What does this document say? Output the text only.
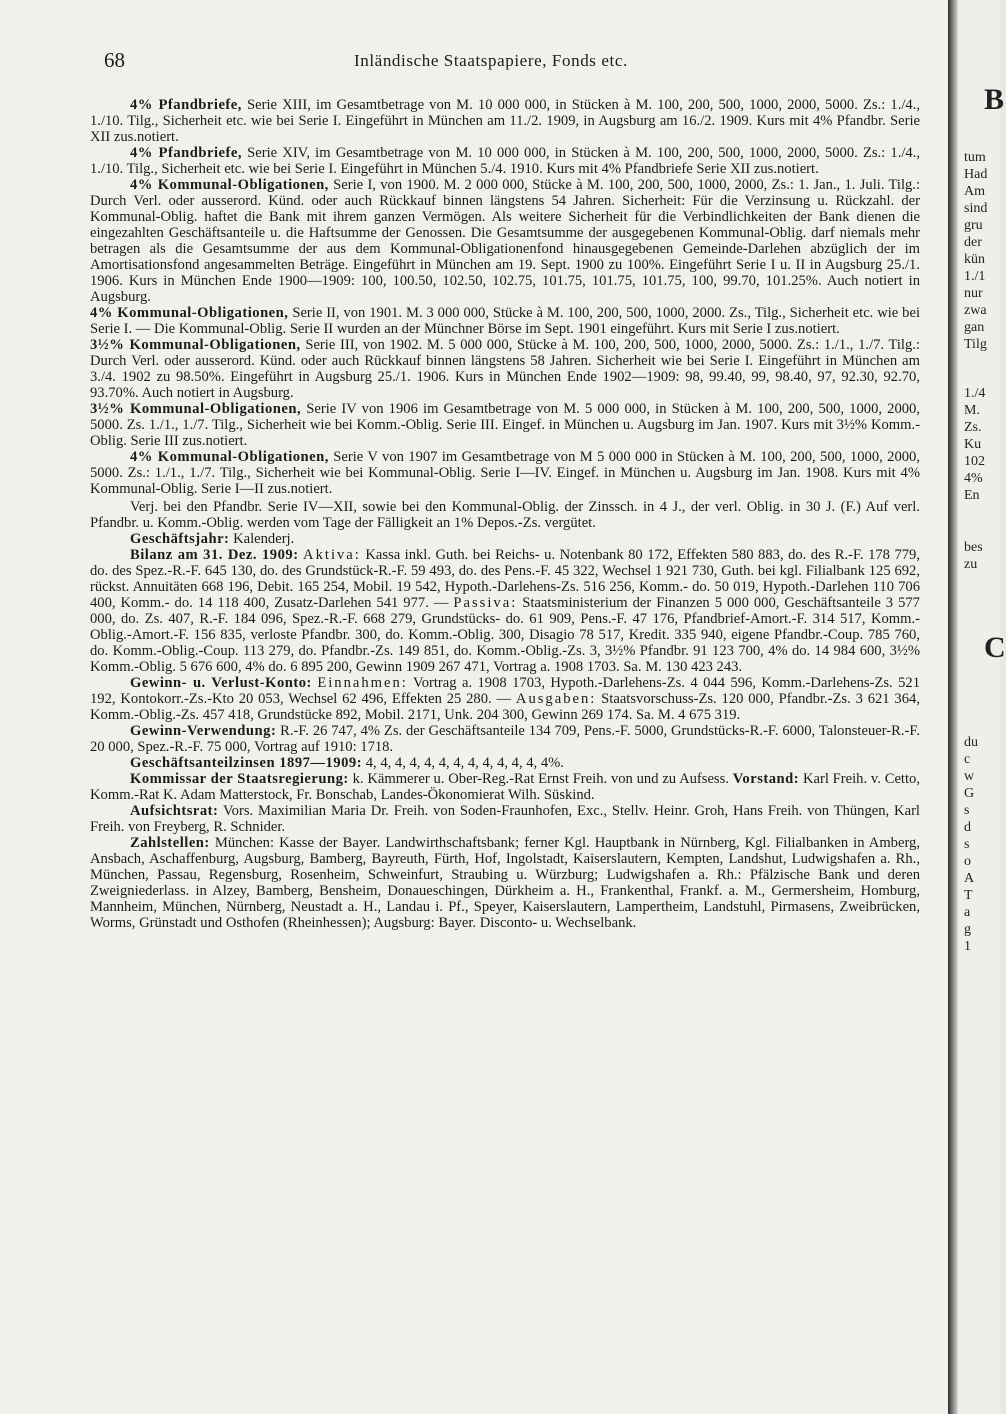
68	Inländische Staatspapiere, Fonds etc.

4% Pfandbriefe, Serie XIII, im Gesamtbetrage von M. 10 000 000, in Stücken à M. 100, 200, 500, 1000, 2000, 5000. Zs.: 1./4., 1./10. Tilg., Sicherheit etc. wie bei Serie I. Eingeführt in München am 11./2. 1909, in Augsburg am 16./2. 1909. Kurs mit 4% Pfandbr. Serie XII zus.notiert.

4% Pfandbriefe, Serie XIV, im Gesamtbetrage von M. 10 000 000, in Stücken à M. 100, 200, 500, 1000, 2000, 5000. Zs.: 1./4., 1./10. Tilg., Sicherheit etc. wie bei Serie I. Eingeführt in München 5./4. 1910. Kurs mit 4% Pfandbriefe Serie XII zus.notiert.

4% Kommunal-Obligationen, Serie I, von 1900. M. 2 000 000, Stücke à M. 100, 200, 500, 1000, 2000, Zs.: 1. Jan., 1. Juli. Tilg.: Durch Verl. oder ausserord. Künd. oder auch Rückkauf binnen längstens 54 Jahren. Sicherheit: Für die Verzinsung u. Rückzahl. der Kommunal-Oblig. haftet die Bank mit ihrem ganzen Vermögen. Als weitere Sicherheit für die Verbindlichkeiten der Bank dienen die eingezahlten Geschäftsanteile u. die Haftsumme der Genossen. Die Gesamtsumme der ausgegebenen Kommunal-Oblig. darf niemals mehr betragen als die Gesamtsumme der aus dem Kommunal-Obligationenfond hinausgegebenen Gemeinde-Darlehen abzüglich der im Amortisationsfond angesammelten Beträge. Eingeführt in München am 19. Sept. 1900 zu 100%. Eingeführt Serie I u. II in Augsburg 25./1. 1906. Kurs in München Ende 1900—1909: 100, 100.50, 102.50, 102.75, 101.75, 101.75, 101.75, 100, 99.70, 101.25%. Auch notiert in Augsburg.

4% Kommunal-Obligationen, Serie II, von 1901. M. 3 000 000, Stücke à M. 100, 200, 500, 1000, 2000. Zs., Tilg., Sicherheit etc. wie bei Serie I. — Die Kommunal-Oblig. Serie II wurden an der Münchner Börse im Sept. 1901 eingeführt. Kurs mit Serie I zus.notiert.

3½% Kommunal-Obligationen, Serie III, von 1902. M. 5 000 000, Stücke à M. 100, 200, 500, 1000, 2000, 5000. Zs.: 1./1., 1./7. Tilg.: Durch Verl. oder ausserord. Künd. oder auch Rückkauf binnen längstens 58 Jahren. Sicherheit wie bei Serie I. Eingeführt in München am 3./4. 1902 zu 98.50%. Eingeführt in Augsburg 25./1. 1906. Kurs in München Ende 1902—1909: 98, 99.40, 99, 98.40, 97, 92.30, 92.70, 93.70%. Auch notiert in Augsburg.

3½% Kommunal-Obligationen, Serie IV von 1906 im Gesamtbetrage von M. 5 000 000, in Stücken à M. 100, 200, 500, 1000, 2000, 5000. Zs. 1./1., 1./7. Tilg., Sicherheit wie bei Komm.-Oblig. Serie III. Eingef. in München u. Augsburg im Jan. 1907. Kurs mit 3½% Komm.-Oblig. Serie III zus.notiert.

4% Kommunal-Obligationen, Serie V von 1907 im Gesamtbetrage von M 5 000 000 in Stücken à M. 100, 200, 500, 1000, 2000, 5000. Zs.: 1./1., 1./7. Tilg., Sicherheit wie bei Kommunal-Oblig. Serie I—IV. Eingef. in München u. Augsburg im Jan. 1908. Kurs mit 4% Kommunal-Oblig. Serie I—II zus.notiert.

Verj. bei den Pfandbr. Serie IV—XII, sowie bei den Kommunal-Oblig. der Zinssch. in 4 J., der verl. Oblig. in 30 J. (F.) Auf verl. Pfandbr. u. Komm.-Oblig. werden vom Tage der Fälligkeit an 1% Depos.-Zs. vergütet.

Geschäftsjahr: Kalenderj.

Bilanz am 31. Dez. 1909: Aktiva: Kassa inkl. Guth. bei Reichs- u. Notenbank 80 172, Effekten 580 883, do. des R.-F. 178 779, do. des Spez.-R.-F. 645 130, do. des Grundstück-R.-F. 59 493, do. des Pens.-F. 45 322, Wechsel 1 921 730, Guth. bei kgl. Filialbank 125 692, rückst. Annuitäten 668 196, Debit. 165 254, Mobil. 19 542, Hypoth.-Darlehens-Zs. 516 256, Komm.- do. 50 019, Hypoth.-Darlehen 110 706 400, Komm.- do. 14 118 400, Zusatz-Darlehen 541 977. — Passiva: Staatsministerium der Finanzen 5 000 000, Geschäftsanteile 3 577 000, do. Zs. 407, R.-F. 184 096, Spez.-R.-F. 668 279, Grundstücks- do. 61 909, Pens.-F. 47 176, Pfandbrief-Amort.-F. 314 517, Komm.-Oblig.-Amort.-F. 156 835, verloste Pfandbr. 300, do. Komm.-Oblig. 300, Disagio 78 517, Kredit. 335 940, eigene Pfandbr.-Coup. 785 760, do. Komm.-Oblig.-Coup. 113 279, do. Pfandbr.-Zs. 149 851, do. Komm.-Oblig.-Zs. 3, 3½% Pfandbr. 91 123 700, 4% do. 14 984 600, 3½% Komm.-Oblig. 5 676 600, 4% do. 6 895 200, Gewinn 1909 267 471, Vortrag a. 1908 1703. Sa. M. 130 423 243.

Gewinn- u. Verlust-Konto: Einnahmen: Vortrag a. 1908 1703, Hypoth.-Darlehens-Zs. 4 044 596, Komm.-Darlehens-Zs. 521 192, Kontokorr.-Zs.-Kto 20 053, Wechsel 62 496, Effekten 25 280. — Ausgaben: Staatsvorschuss-Zs. 120 000, Pfandbr.-Zs. 3 621 364, Komm.-Oblig.-Zs. 457 418, Grundstücke 892, Mobil. 2171, Unk. 204 300, Gewinn 269 174. Sa. M. 4 675 319.

Gewinn-Verwendung: R.-F. 26 747, 4% Zs. der Geschäftsanteile 134 709, Pens.-F. 5000, Grundstücks-R.-F. 6000, Talonsteuer-R.-F. 20 000, Spez.-R.-F. 75 000, Vortrag auf 1910: 1718.

Geschäftsanteilzinsen 1897—1909: 4, 4, 4, 4, 4, 4, 4, 4, 4, 4, 4, 4, 4%.

Kommissar der Staatsregierung: k. Kämmerer u. Ober-Reg.-Rat Ernst Freih. von und zu Aufsess. Vorstand: Karl Freih. v. Cetto, Komm.-Rat K. Adam Matterstock, Fr. Bonschab, Landes-Ökonomierat Wilh. Süskind.

Aufsichtsrat: Vors. Maximilian Maria Dr. Freih. von Soden-Fraunhofen, Exc., Stellv. Heinr. Groh, Hans Freih. von Thüngen, Karl Freih. von Freyberg, R. Schnider.

Zahlstellen: München: Kasse der Bayer. Landwirthschaftsbank; ferner Kgl. Hauptbank in Nürnberg, Kgl. Filialbanken in Amberg, Ansbach, Aschaffenburg, Augsburg, Bamberg, Bayreuth, Fürth, Hof, Ingolstadt, Kaiserslautern, Kempten, Landshut, Ludwigshafen a. Rh., München, Passau, Regensburg, Rosenheim, Schweinfurt, Straubing u. Würzburg; Ludwigshafen a. Rh.: Pfälzische Bank und deren Zweigniederlass. in Alzey, Bamberg, Bensheim, Donaueschingen, Dürkheim a. H., Frankenthal, Frankf. a. M., Germersheim, Homburg, Mannheim, München, Nürnberg, Neustadt a. H., Landau i. Pf., Speyer, Kaiserslautern, Lampertheim, Landstuhl, Pirmasens, Zweibrücken, Worms, Grünstadt und Osthofen (Rheinhessen); Augsburg: Bayer. Disconto- u. Wechselbank.

B
tum
Had
Am
sind
gru
der
kün
1./1
nur
zwa
gan
Tilg
1./4
M.
Zs.
Ku
102
4%
En
bes
zu
C
du
c
w
G
s
d
s
o
A
T
a
g
1
